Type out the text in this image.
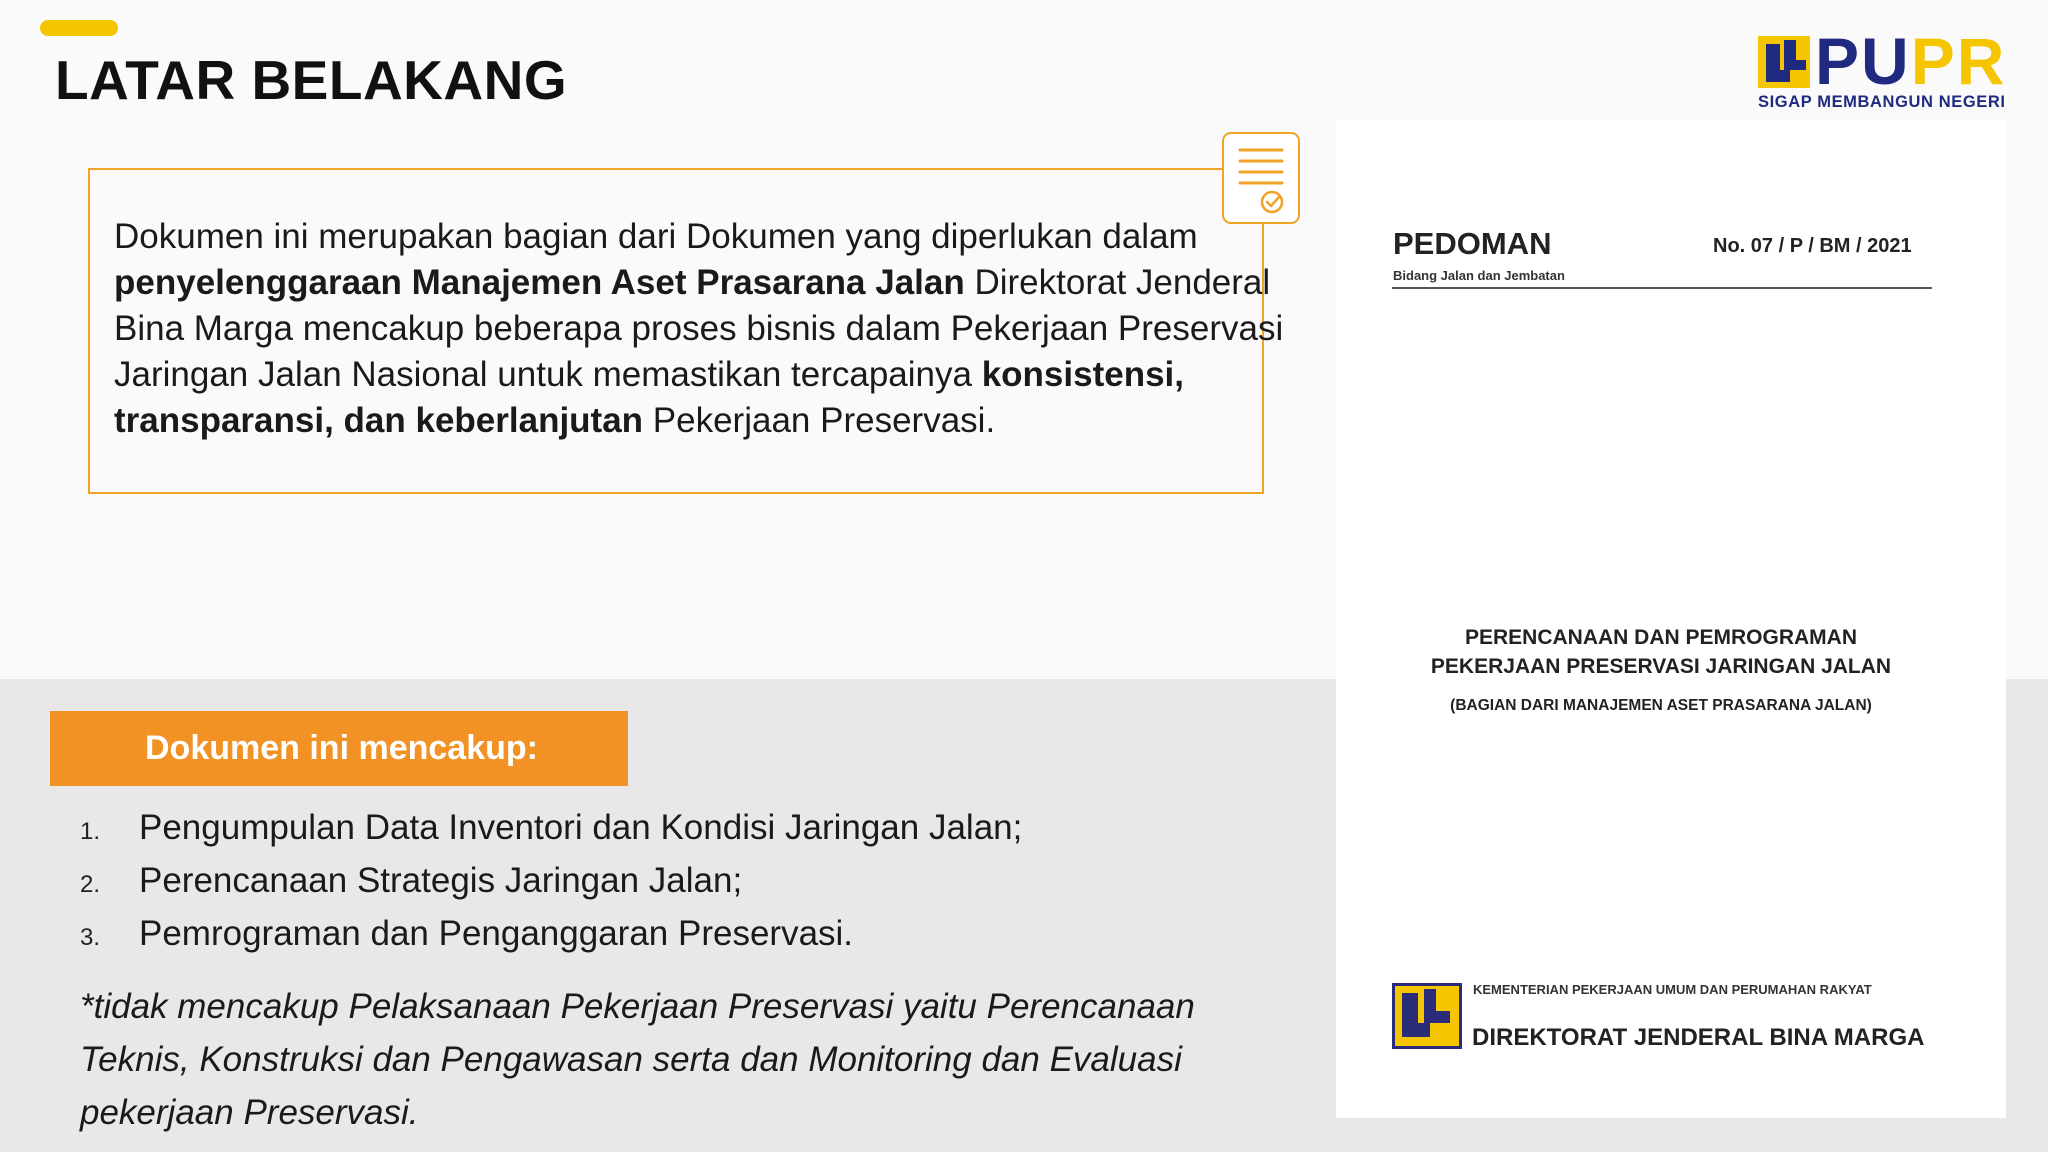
LATAR BELAKANG	PUPR
SIGAP MEMBANGUN NEGERI

Dokumen ini merupakan bagian dari Dokumen yang diperlukan dalam
penyelenggaraan Manajemen Aset Prasarana Jalan Direktorat Jenderal
Bina Marga mencakup beberapa proses bisnis dalam Pekerjaan Preservasi
Jaringan Jalan Nasional untuk memastikan tercapainya konsistensi,
transparansi, dan keberlanjutan Pekerjaan Preservasi.

Dokumen ini mencakup:
1.	Pengumpulan Data Inventori dan Kondisi Jaringan Jalan;
2.	Perencanaan Strategis Jaringan Jalan;
3.	Pemrograman dan Penganggaran Preservasi.

*tidak mencakup Pelaksanaan Pekerjaan Preservasi yaitu Perencanaan
Teknis, Konstruksi dan Pengawasan serta dan Monitoring dan Evaluasi
pekerjaan Preservasi.

PEDOMAN	No. 07 / P / BM / 2021
Bidang Jalan dan Jembatan
PERENCANAAN DAN PEMROGRAMAN
PEKERJAAN PRESERVASI JARINGAN JALAN
(BAGIAN DARI MANAJEMEN ASET PRASARANA JALAN)
KEMENTERIAN PEKERJAAN UMUM DAN PERUMAHAN RAKYAT
DIREKTORAT JENDERAL BINA MARGA
